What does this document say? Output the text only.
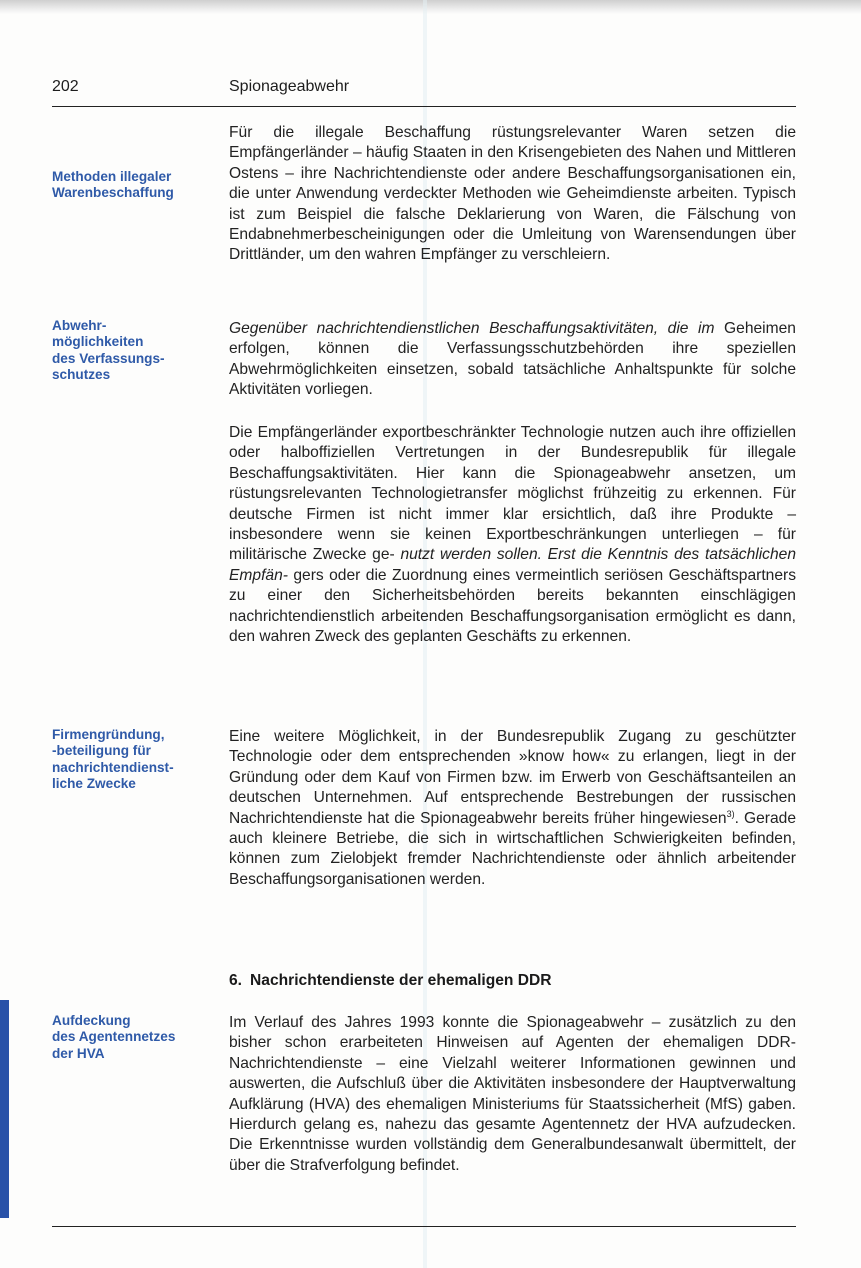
202	Spionageabwehr

Methoden illegaler
Warenbeschaffung

Abwehr-
möglichkeiten
des Verfassungs-
schutzes

Firmengründung,
-beteiligung für
nachrichtendienst-
liche Zwecke

Aufdeckung
des Agentennetzes
der HVA

Für die illegale Beschaffung rüstungsrelevanter Waren setzen die Empfängerländer – häufig Staaten in den Krisengebieten des Nahen und Mittleren Ostens – ihre Nachrichtendienste oder andere Beschaffungsorganisationen ein, die unter Anwendung verdeckter Methoden wie Geheimdienste arbeiten. Typisch ist zum Beispiel die falsche Deklarierung von Waren, die Fälschung von Endabnehmerbescheinigungen oder die Umleitung von Warensendungen über Drittländer, um den wahren Empfänger zu verschleiern.

Gegenüber nachrichtendienstlichen Beschaffungsaktivitäten, die im Geheimen erfolgen, können die Verfassungsschutzbehörden ihre speziellen Abwehrmöglichkeiten einsetzen, sobald tatsächliche Anhaltspunkte für solche Aktivitäten vorliegen.

Die Empfängerländer exportbeschränkter Technologie nutzen auch ihre offiziellen oder halboffiziellen Vertretungen in der Bundesrepublik für illegale Beschaffungsaktivitäten. Hier kann die Spionageabwehr ansetzen, um rüstungsrelevanten Technologietransfer möglichst frühzeitig zu erkennen. Für deutsche Firmen ist nicht immer klar ersichtlich, daß ihre Produkte – insbesondere wenn sie keinen Exportbeschränkungen unterliegen – für militärische Zwecke ge- nutzt werden sollen. Erst die Kenntnis des tatsächlichen Empfän- gers oder die Zuordnung eines vermeintlich seriösen Geschäftspartners zu einer den Sicherheitsbehörden bereits bekannten einschlägigen nachrichtendienstlich arbeitenden Beschaffungsorganisation ermöglicht es dann, den wahren Zweck des geplanten Geschäfts zu erkennen.

Eine weitere Möglichkeit, in der Bundesrepublik Zugang zu geschützter Technologie oder dem entsprechenden »know how« zu erlangen, liegt in der Gründung oder dem Kauf von Firmen bzw. im Erwerb von Geschäftsanteilen an deutschen Unternehmen. Auf entsprechende Bestrebungen der russischen Nachrichtendienste hat die Spionageabwehr bereits früher hingewiesen$^{3)}$. Gerade auch kleinere Betriebe, die sich in wirtschaftlichen Schwierigkeiten befinden, können zum Zielobjekt fremder Nachrichtendienste oder ähnlich arbeitender Beschaffungsorganisationen werden.

6. Nachrichtendienste der ehemaligen DDR

Im Verlauf des Jahres 1993 konnte die Spionageabwehr – zusätzlich zu den bisher schon erarbeiteten Hinweisen auf Agenten der ehemaligen DDR-Nachrichtendienste – eine Vielzahl weiterer Informationen gewinnen und auswerten, die Aufschluß über die Aktivitäten insbesondere der Hauptverwaltung Aufklärung (HVA) des ehemaligen Ministeriums für Staatssicherheit (MfS) gaben. Hierdurch gelang es, nahezu das gesamte Agentennetz der HVA aufzudecken. Die Erkenntnisse wurden vollständig dem Generalbundesanwalt übermittelt, der über die Strafverfolgung befindet.
